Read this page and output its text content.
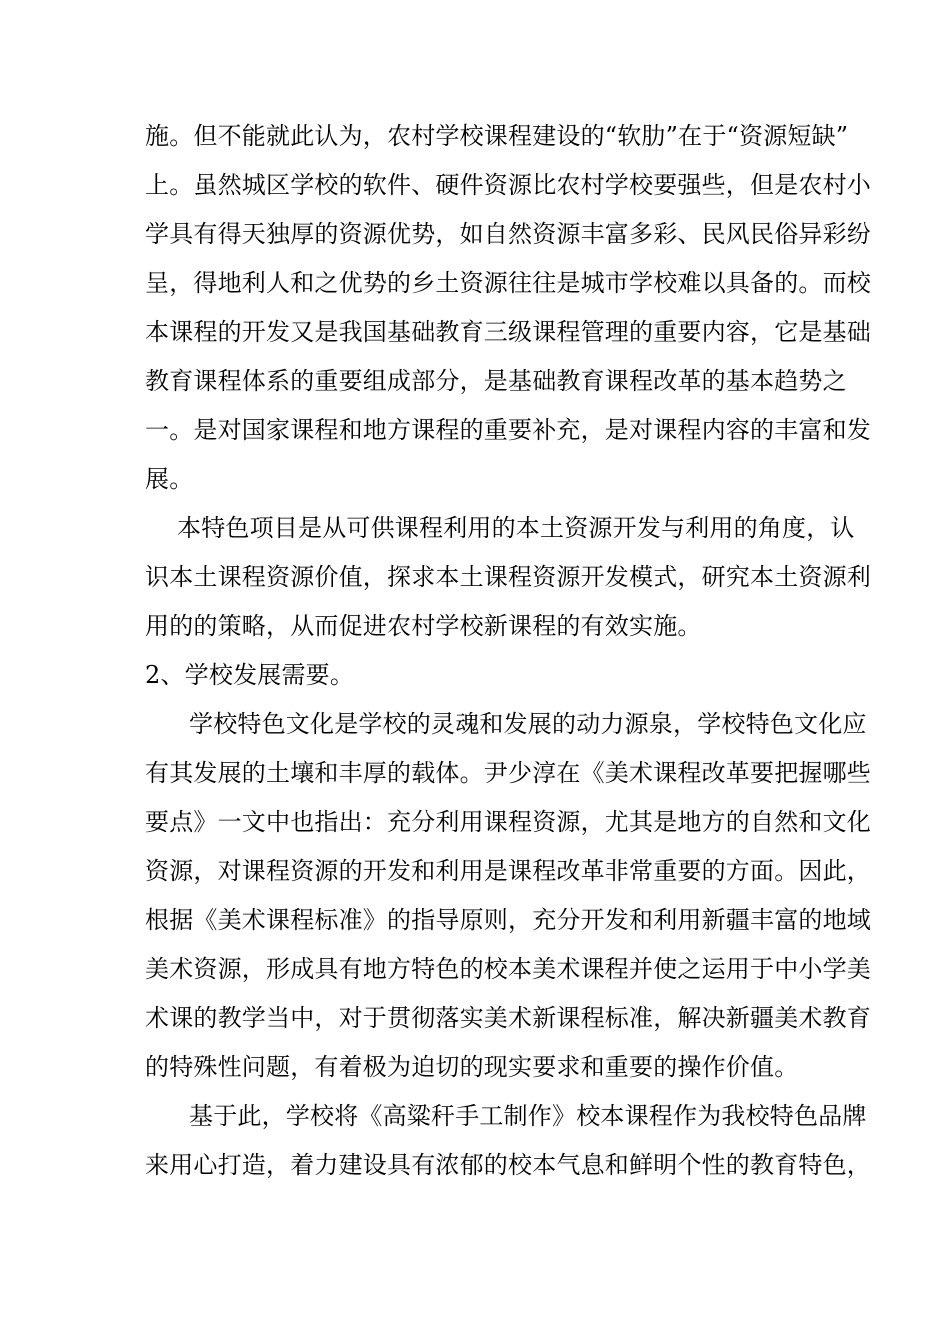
施。但不能就此认为，农村学校课程建设的“软肋”在于“资源短缺”
上。虽然城区学校的软件、硬件资源比农村学校要强些，但是农村小
学具有得天独厚的资源优势，如自然资源丰富多彩、民风民俗异彩纷
呈，得地利人和之优势的乡土资源往往是城市学校难以具备的。而校
本课程的开发又是我国基础教育三级课程管理的重要内容，它是基础
教育课程体系的重要组成部分，是基础教育课程改革的基本趋势之
一。是对国家课程和地方课程的重要补充，是对课程内容的丰富和发
展。
本特色项目是从可供课程利用的本土资源开发与利用的角度，认
识本土课程资源价值，探求本土课程资源开发模式，研究本土资源利
用的的策略，从而促进农村学校新课程的有效实施。
2、学校发展需要。
学校特色文化是学校的灵魂和发展的动力源泉，学校特色文化应
有其发展的土壤和丰厚的载体。尹少淳在《美术课程改革要把握哪些
要点》一文中也指出：充分利用课程资源，尤其是地方的自然和文化
资源，对课程资源的开发和利用是课程改革非常重要的方面。因此，
根据《美术课程标准》的指导原则，充分开发和利用新疆丰富的地域
美术资源，形成具有地方特色的校本美术课程并使之运用于中小学美
术课的教学当中，对于贯彻落实美术新课程标准，解决新疆美术教育
的特殊性问题，有着极为迫切的现实要求和重要的操作价值。
基于此，学校将《高粱秆手工制作》校本课程作为我校特色品牌
来用心打造，着力建设具有浓郁的校本气息和鲜明个性的教育特色，
